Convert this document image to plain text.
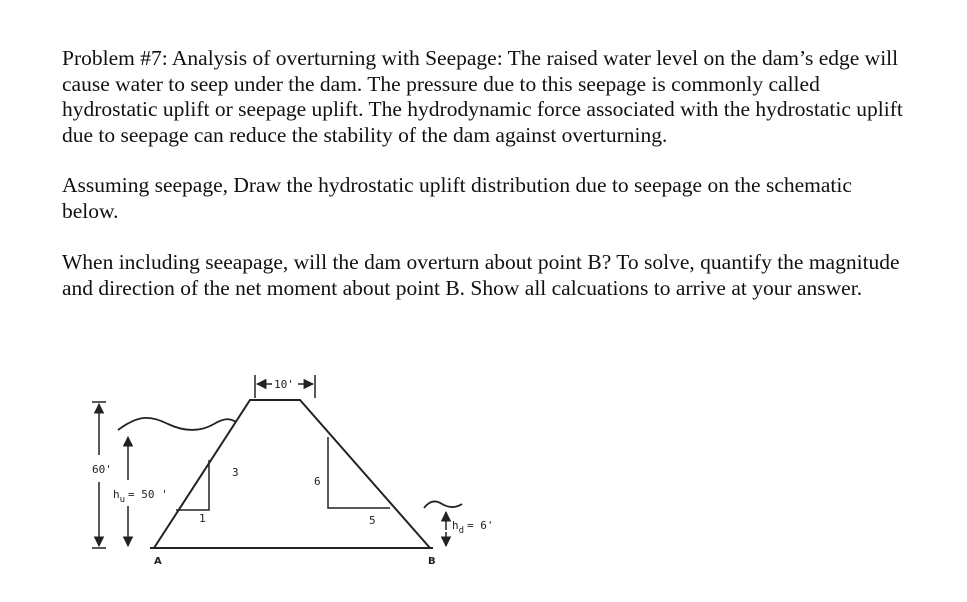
Problem #7: Analysis of overturning with Seepage: The raised water level on the dam’s edge will cause water to seep under the dam. The pressure due to this seepage is commonly called hydrostatic uplift or seepage uplift. The hydrodynamic force associated with the hydrostatic uplift due to seepage can reduce the stability of the dam against overturning.

Assuming seepage, Draw the hydrostatic uplift distribution due to seepage on the schematic below.

When including seeapage, will the dam overturn about point B? To solve, quantify the magnitude and direction of the net moment about point B. Show all calcuations to arrive at your answer.

10'
60'
$h_u = 50$ '
3
1
6
5	$h_d = 6'$
A	B
